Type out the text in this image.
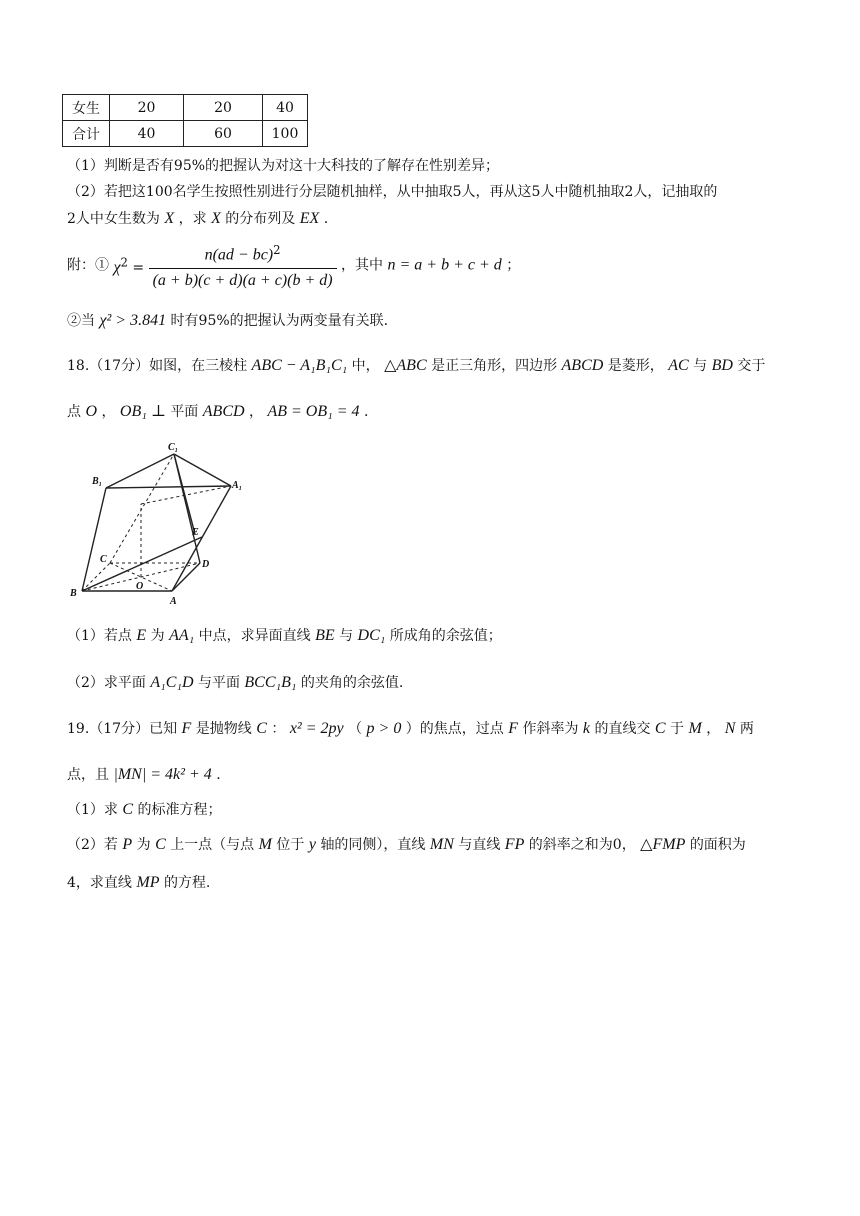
女生	20	20	40
合计	40	60	100
（1）判断是否有95%的把握认为对这十大科技的了解存在性别差异；
（2）若把这100名学生按照性别进行分层随机抽样，从中抽取5人，再从这5人中随机抽取2人，记抽取的
2人中女生数为 X ，求 X 的分布列及 EX .
附：① $\chi^2 = \frac{n(ad - bc)^2}{(a + b)(c + d)(a + c)(b + d)}$ ，其中 n = a + b + c + d ；
②当 χ² > 3.841 时有95%的把握认为两变量有关联.
18.（17分）如图，在三棱柱 ABC − A₁B₁C₁ 中， △ABC 是正三角形，四边形 ABCD 是菱形， AC 与 BD 交于
点 O ， OB₁ ⊥ 平面 ABCD ， AB = OB₁ = 4 .
C₁
B₁	A₁
E
C	D
B
O
A
（1）若点 E 为 AA₁ 中点，求异面直线 BE 与 DC₁ 所成角的余弦值；
（2）求平面 A₁C₁D 与平面 BCC₁B₁ 的夹角的余弦值.
19.（17分）已知 F 是抛物线 C ： x² = 2py （ p > 0 ）的焦点，过点 F 作斜率为 k 的直线交 C 于 M ， N 两
点，且 |MN| = 4k² + 4 .
（1）求 C 的标准方程；
（2）若 P 为 C 上一点（与点 M 位于 y 轴的同侧），直线 MN 与直线 FP 的斜率之和为0， △FMP 的面积为
4，求直线 MP 的方程.
